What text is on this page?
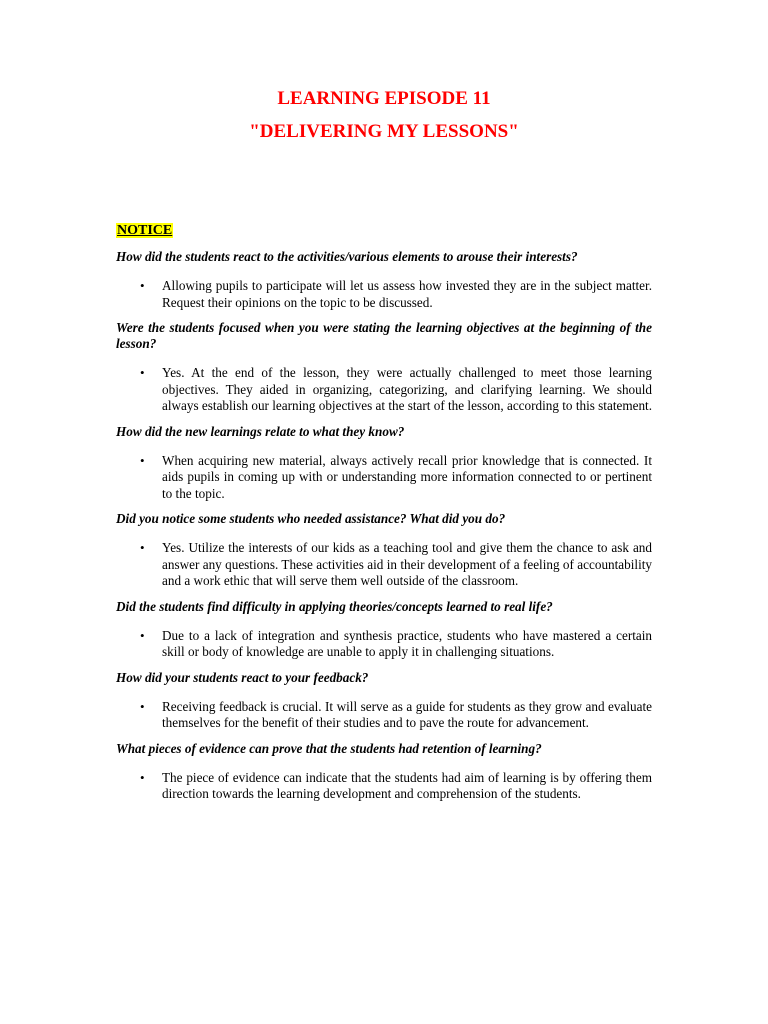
LEARNING EPISODE 11
"DELIVERING MY LESSONS"
NOTICE

How did the students react to the activities/various elements to arouse their interests?

• Allowing pupils to participate will let us assess how invested they are in the subject matter. Request their opinions on the topic to be discussed.

Were the students focused when you were stating the learning objectives at the beginning of the lesson?

• Yes. At the end of the lesson, they were actually challenged to meet those learning objectives. They aided in organizing, categorizing, and clarifying learning. We should always establish our learning objectives at the start of the lesson, according to this statement.

How did the new learnings relate to what they know?

• When acquiring new material, always actively recall prior knowledge that is connected. It aids pupils in coming up with or understanding more information connected to or pertinent to the topic.

Did you notice some students who needed assistance? What did you do?

• Yes. Utilize the interests of our kids as a teaching tool and give them the chance to ask and answer any questions. These activities aid in their development of a feeling of accountability and a work ethic that will serve them well outside of the classroom.

Did the students find difficulty in applying theories/concepts learned to real life?

• Due to a lack of integration and synthesis practice, students who have mastered a certain skill or body of knowledge are unable to apply it in challenging situations.

How did your students react to your feedback?

• Receiving feedback is crucial. It will serve as a guide for students as they grow and evaluate themselves for the benefit of their studies and to pave the route for advancement.

What pieces of evidence can prove that the students had retention of learning?

• The piece of evidence can indicate that the students had aim of learning is by offering them direction towards the learning development and comprehension of the students.
